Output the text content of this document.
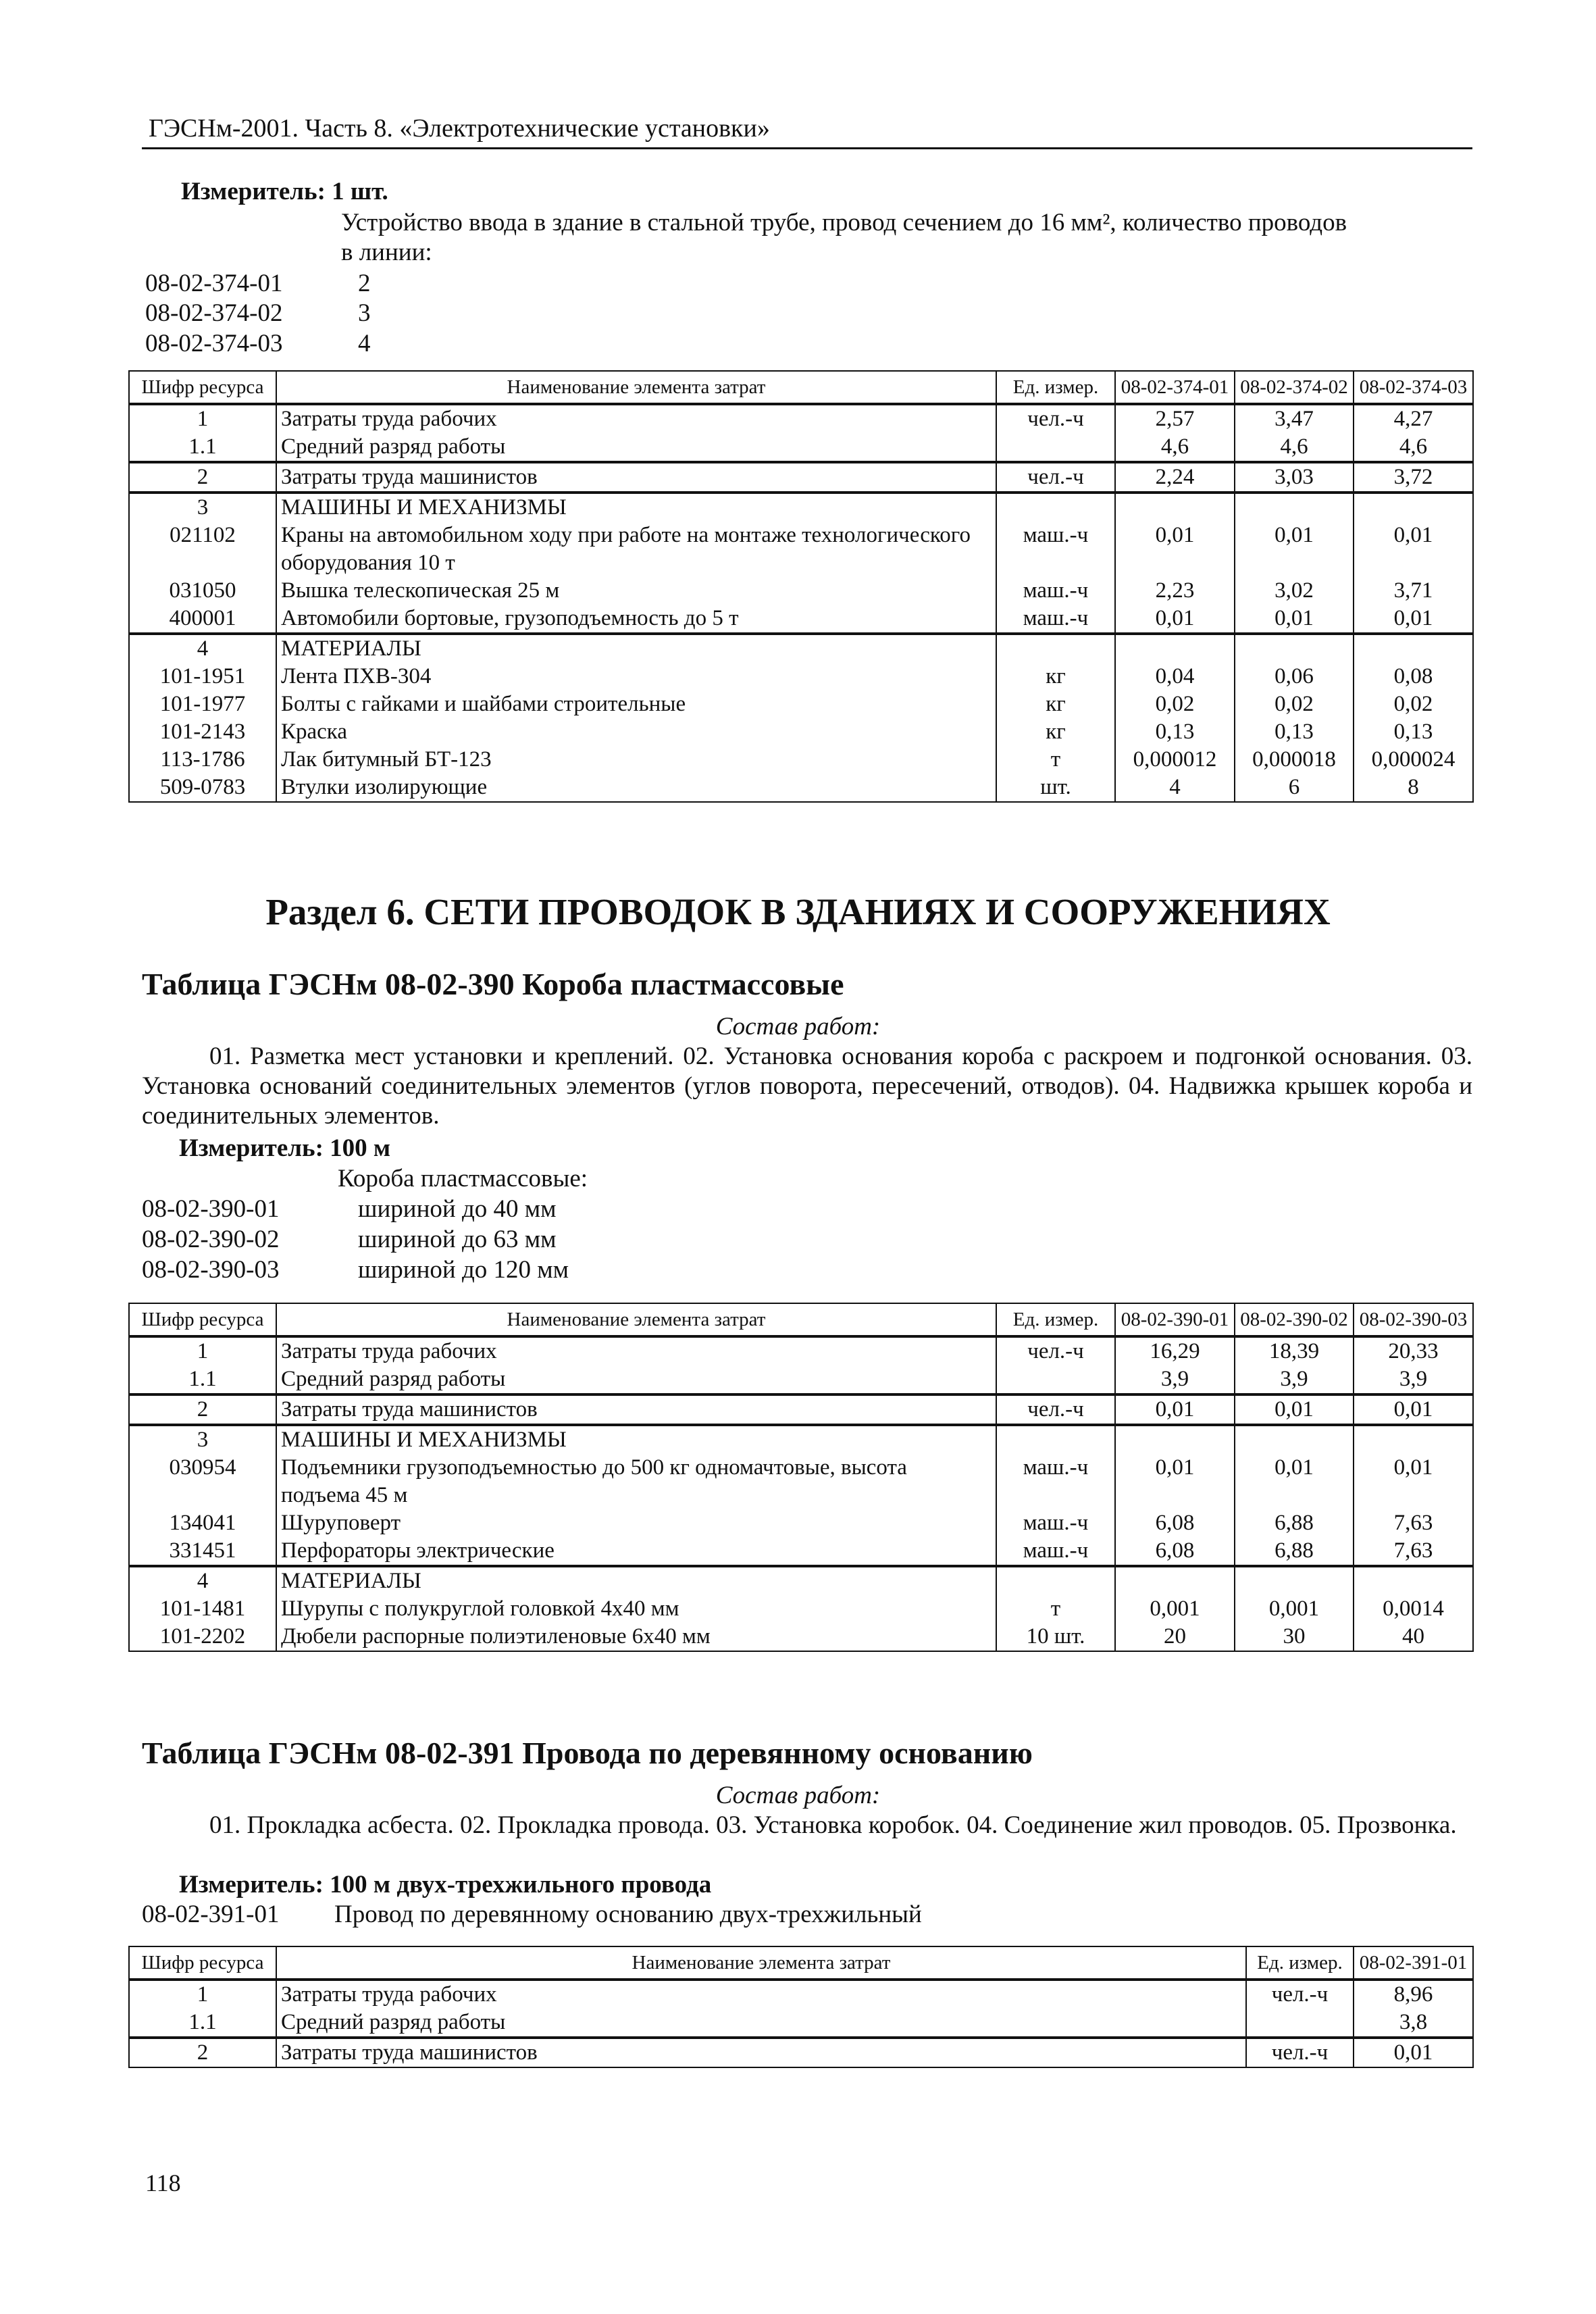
ГЭСНм-2001. Часть 8. «Электротехнические установки»
Измеритель: 1 шт.
Устройство ввода в здание в стальной трубе, провод сечением до 16 мм², количество проводов
в линии:
08-02-374-01	2
08-02-374-02	3
08-02-374-03	4
Шифр ресурса	Наименование элемента затрат	Ед. измер.	08-02-374-01	08-02-374-02	08-02-374-03
1	Затраты труда рабочих	чел.-ч	2,57	3,47	4,27
1.1	Средний разряд работы		4,6	4,6	4,6
2	Затраты труда машинистов	чел.-ч	2,24	3,03	3,72
3	МАШИНЫ И МЕХАНИЗМЫ				
021102	Краны на автомобильном ходу при работе на монтаже технологического оборудования 10 т	маш.-ч	0,01	0,01	0,01
031050	Вышка телескопическая 25 м	маш.-ч	2,23	3,02	3,71
400001	Автомобили бортовые, грузоподъемность до 5 т	маш.-ч	0,01	0,01	0,01
4	МАТЕРИАЛЫ				
101-1951	Лента ПХВ-304	кг	0,04	0,06	0,08
101-1977	Болты с гайками и шайбами строительные	кг	0,02	0,02	0,02
101-2143	Краска	кг	0,13	0,13	0,13
113-1786	Лак битумный БТ-123	т	0,000012	0,000018	0,000024
509-0783	Втулки изолирующие	шт.	4	6	8
Раздел 6. СЕТИ ПРОВОДОК В ЗДАНИЯХ И СООРУЖЕНИЯХ
Таблица ГЭСНм 08-02-390 Короба пластмассовые
Состав работ:
01. Разметка мест установки и креплений. 02. Установка основания короба с раскроем и подгонкой основания. 03. Установка оснований соединительных элементов (углов поворота, пересечений, отводов). 04. Надвижка крышек короба и соединительных элементов.
Измеритель: 100 м
Короба пластмассовые:
08-02-390-01	шириной до 40 мм
08-02-390-02	шириной до 63 мм
08-02-390-03	шириной до 120 мм
Шифр ресурса	Наименование элемента затрат	Ед. измер.	08-02-390-01	08-02-390-02	08-02-390-03
1	Затраты труда рабочих	чел.-ч	16,29	18,39	20,33
1.1	Средний разряд работы		3,9	3,9	3,9
2	Затраты труда машинистов	чел.-ч	0,01	0,01	0,01
3	МАШИНЫ И МЕХАНИЗМЫ				
030954	Подъемники грузоподъемностью до 500 кг одномачтовые, высота подъема 45 м	маш.-ч	0,01	0,01	0,01
134041	Шуруповерт	маш.-ч	6,08	6,88	7,63
331451	Перфораторы электрические	маш.-ч	6,08	6,88	7,63
4	МАТЕРИАЛЫ				
101-1481	Шурупы с полукруглой головкой 4х40 мм	т	0,001	0,001	0,0014
101-2202	Дюбели распорные полиэтиленовые 6х40 мм	10 шт.	20	30	40
Таблица ГЭСНм 08-02-391 Провода по деревянному основанию
Состав работ:
01. Прокладка асбеста. 02. Прокладка провода. 03. Установка коробок. 04. Соединение жил проводов. 05. Прозвонка.
Измеритель: 100 м двух-трехжильного провода
08-02-391-01 Провод по деревянному основанию двух-трехжильный
Шифр ресурса	Наименование элемента затрат	Ед. измер.	08-02-391-01
1	Затраты труда рабочих	чел.-ч	8,96
1.1	Средний разряд работы		3,8
2	Затраты труда машинистов	чел.-ч	0,01
118
